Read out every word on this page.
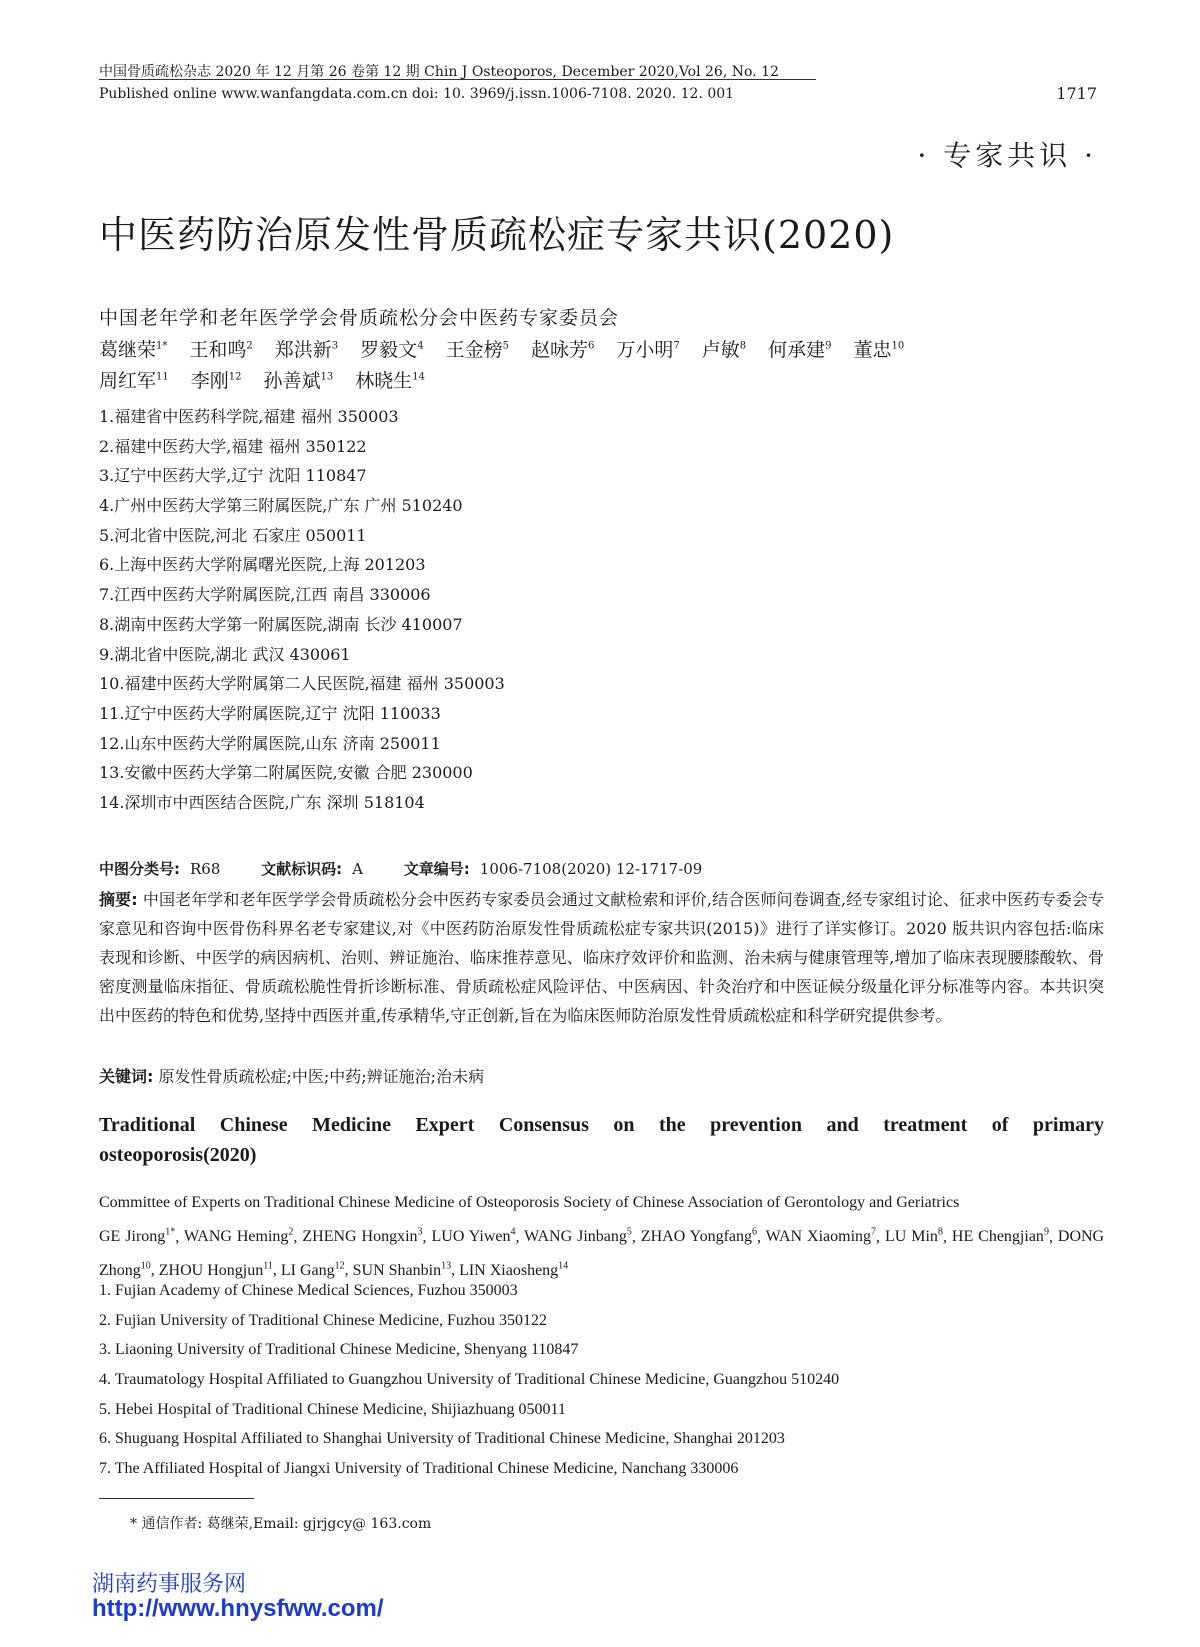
中国骨质疏松杂志 2020 年 12 月第 26 卷第 12 期 Chin J Osteoporos, December 2020,Vol 26, No. 12
Published online www.wanfangdata.com.cn doi: 10. 3969/j.issn.1006-7108. 2020. 12. 001	1717
· 专家共识 ·
中医药防治原发性骨质疏松症专家共识(2020)
中国老年学和老年医学学会骨质疏松分会中医药专家委员会
葛继荣$^{1*}$ 王和鸣$^2$ 郑洪新$^3$ 罗毅文$^4$ 王金榜$^5$ 赵咏芳$^6$ 万小明$^7$ 卢敏$^8$ 何承建$^9$ 董忠$^{10}$
周红军$^{11}$ 李刚$^{12}$ 孙善斌$^{13}$ 林晓生$^{14}$
1.福建省中医药科学院,福建 福州 350003
2.福建中医药大学,福建 福州 350122
3.辽宁中医药大学,辽宁 沈阳 110847
4.广州中医药大学第三附属医院,广东 广州 510240
5.河北省中医院,河北 石家庄 050011
6.上海中医药大学附属曙光医院,上海 201203
7.江西中医药大学附属医院,江西 南昌 330006
8.湖南中医药大学第一附属医院,湖南 长沙 410007
9.湖北省中医院,湖北 武汉 430061
10.福建中医药大学附属第二人民医院,福建 福州 350003
11.辽宁中医药大学附属医院,辽宁 沈阳 110033
12.山东中医药大学附属医院,山东 济南 250011
13.安徽中医药大学第二附属医院,安徽 合肥 230000
14.深圳市中西医结合医院,广东 深圳 518104
中图分类号: R68	文献标识码: A	文章编号: 1006-7108(2020) 12-1717-09
摘要: 中国老年学和老年医学学会骨质疏松分会中医药专家委员会通过文献检索和评价,结合医师问卷调查,经专家组讨论、征求中医药专委会专家意见和咨询中医骨伤科界名老专家建议,对《中医药防治原发性骨质疏松症专家共识(2015)》进行了详实修订。2020 版共识内容包括:临床表现和诊断、中医学的病因病机、治则、辨证施治、临床推荐意见、临床疗效评价和监测、治未病与健康管理等,增加了临床表现腰膝酸软、骨密度测量临床指征、骨质疏松脆性骨折诊断标准、骨质疏松症风险评估、中医病因、针灸治疗和中医证候分级量化评分标准等内容。本共识突出中医药的特色和优势,坚持中西医并重,传承精华,守正创新,旨在为临床医师防治原发性骨质疏松症和科学研究提供参考。
关键词: 原发性骨质疏松症;中医;中药;辨证施治;治未病
Traditional Chinese Medicine Expert Consensus on the prevention and treatment of primary osteoporosis(2020)
Committee of Experts on Traditional Chinese Medicine of Osteoporosis Society of Chinese Association of Gerontology and Geriatrics
GE Jirong$^{1*}$, WANG Heming$^2$, ZHENG Hongxin$^3$, LUO Yiwen$^4$, WANG Jinbang$^5$, ZHAO Yongfang$^6$, WAN Xiaoming$^7$, LU Min$^8$, HE Chengjian$^9$, DONG Zhong$^{10}$, ZHOU Hongjun$^{11}$, LI Gang$^{12}$, SUN Shanbin$^{13}$, LIN Xiaosheng$^{14}$
1. Fujian Academy of Chinese Medical Sciences, Fuzhou 350003
2. Fujian University of Traditional Chinese Medicine, Fuzhou 350122
3. Liaoning University of Traditional Chinese Medicine, Shenyang 110847
4. Traumatology Hospital Affiliated to Guangzhou University of Traditional Chinese Medicine, Guangzhou 510240
5. Hebei Hospital of Traditional Chinese Medicine, Shijiazhuang 050011
6. Shuguang Hospital Affiliated to Shanghai University of Traditional Chinese Medicine, Shanghai 201203
7. The Affiliated Hospital of Jiangxi University of Traditional Chinese Medicine, Nanchang 330006
* 通信作者: 葛继荣,Email: gjrjgcy@ 163.com
湖南药事服务网
http://www.hnysfww.com/
